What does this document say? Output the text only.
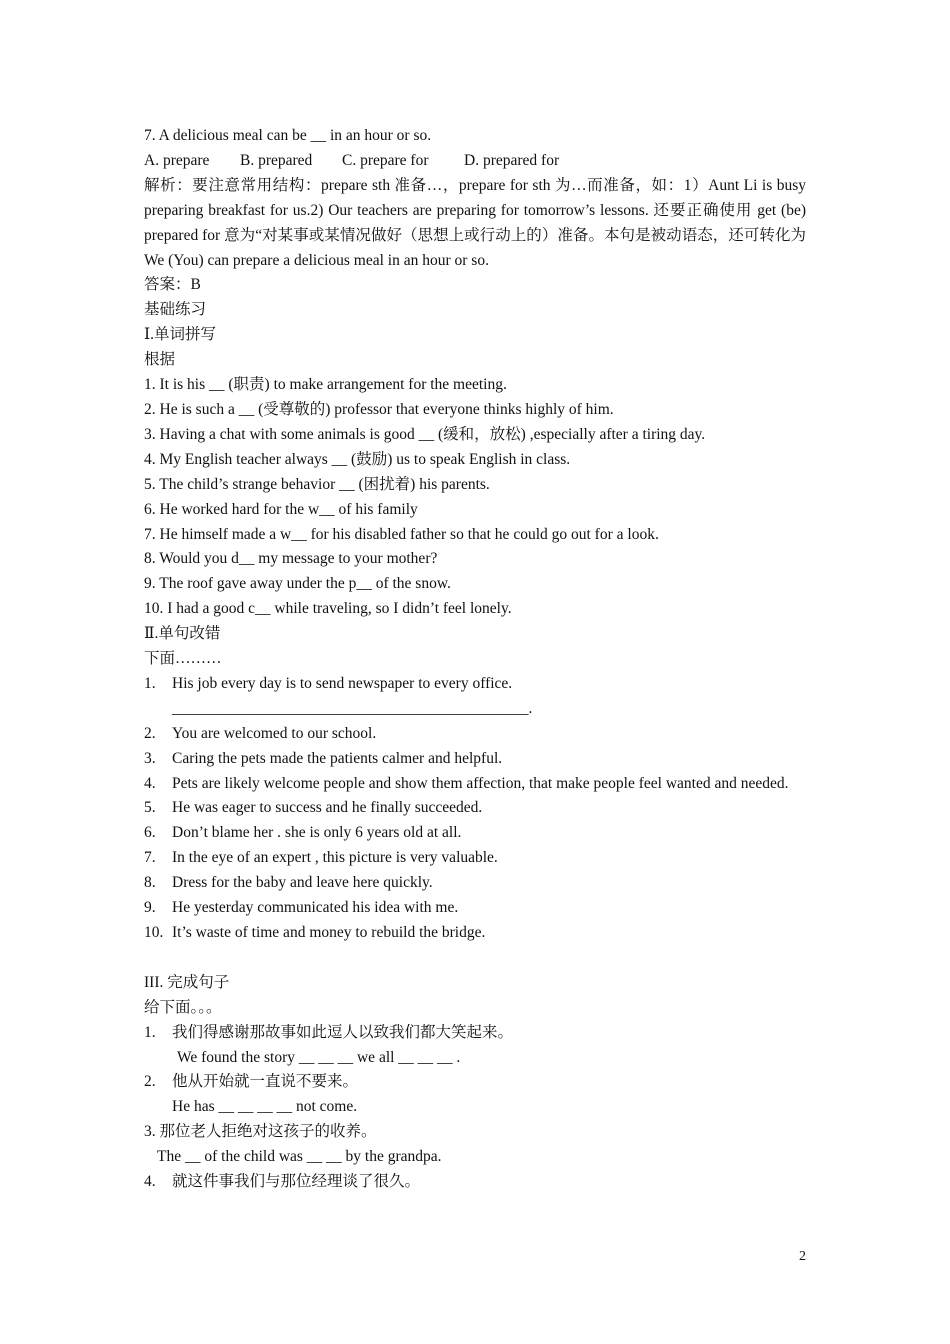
7. A delicious meal can be __ in an hour or so.
A. prepare B. prepared C. prepare for D. prepared for
解析：要注意常用结构：prepare sth 准备…，prepare for sth 为…而准备，如：1）Aunt Li is busy preparing breakfast for us.2) Our teachers are preparing for tomorrow’s lessons. 还要正确使用 get (be) prepared for 意为“对某事或某情况做好（思想上或行动上的）准备。本句是被动语态，还可转化为 We (You) can prepare a delicious meal in an hour or so.
答案：B
基础练习
Ⅰ.单词拼写
根据
1. It is his __ (职责) to make arrangement for the meeting.
2. He is such a __ (受尊敬的) professor that everyone thinks highly of him.
3. Having a chat with some animals is good __ (缓和，放松) ,especially after a tiring day.
4. My English teacher always __ (鼓励) us to speak English in class.
5. The child’s strange behavior __ (困扰着) his parents.
6. He worked hard for the w__ of his family
7. He himself made a w__ for his disabled father so that he could go out for a look.
8. Would you d__ my message to your mother?
9. The roof gave away under the p__ of the snow.
10. I had a good c__ while traveling, so I didn’t feel lonely.
Ⅱ.单句改错
下面………
1.	His job every day is to send newspaper to every office.
______________________________________________.
2.	You are welcomed to our school.
3.	Caring the pets made the patients calmer and helpful.
4.	Pets are likely welcome people and show them affection, that make people feel wanted and needed.
5.	He was eager to success and he finally succeeded.
6.	Don’t blame her . she is only 6 years old at all.
7.	In the eye of an expert , this picture is very valuable.
8.	Dress for the baby and leave here quickly.
9.	He yesterday communicated his idea with me.
10. It’s waste of time and money to rebuild the bridge.
III. 完成句子
给下面。。。
1.	我们得感谢那故事如此逗人以致我们都大笑起来。
We found the story __ __ __ we all __ __ __ .
2.	他从开始就一直说不要来。
He has __ __ __ __ not come.
3. 那位老人拒绝对这孩子的收养。
The __ of the child was __ __ by the grandpa.
4.	就这件事我们与那位经理谈了很久。
2
